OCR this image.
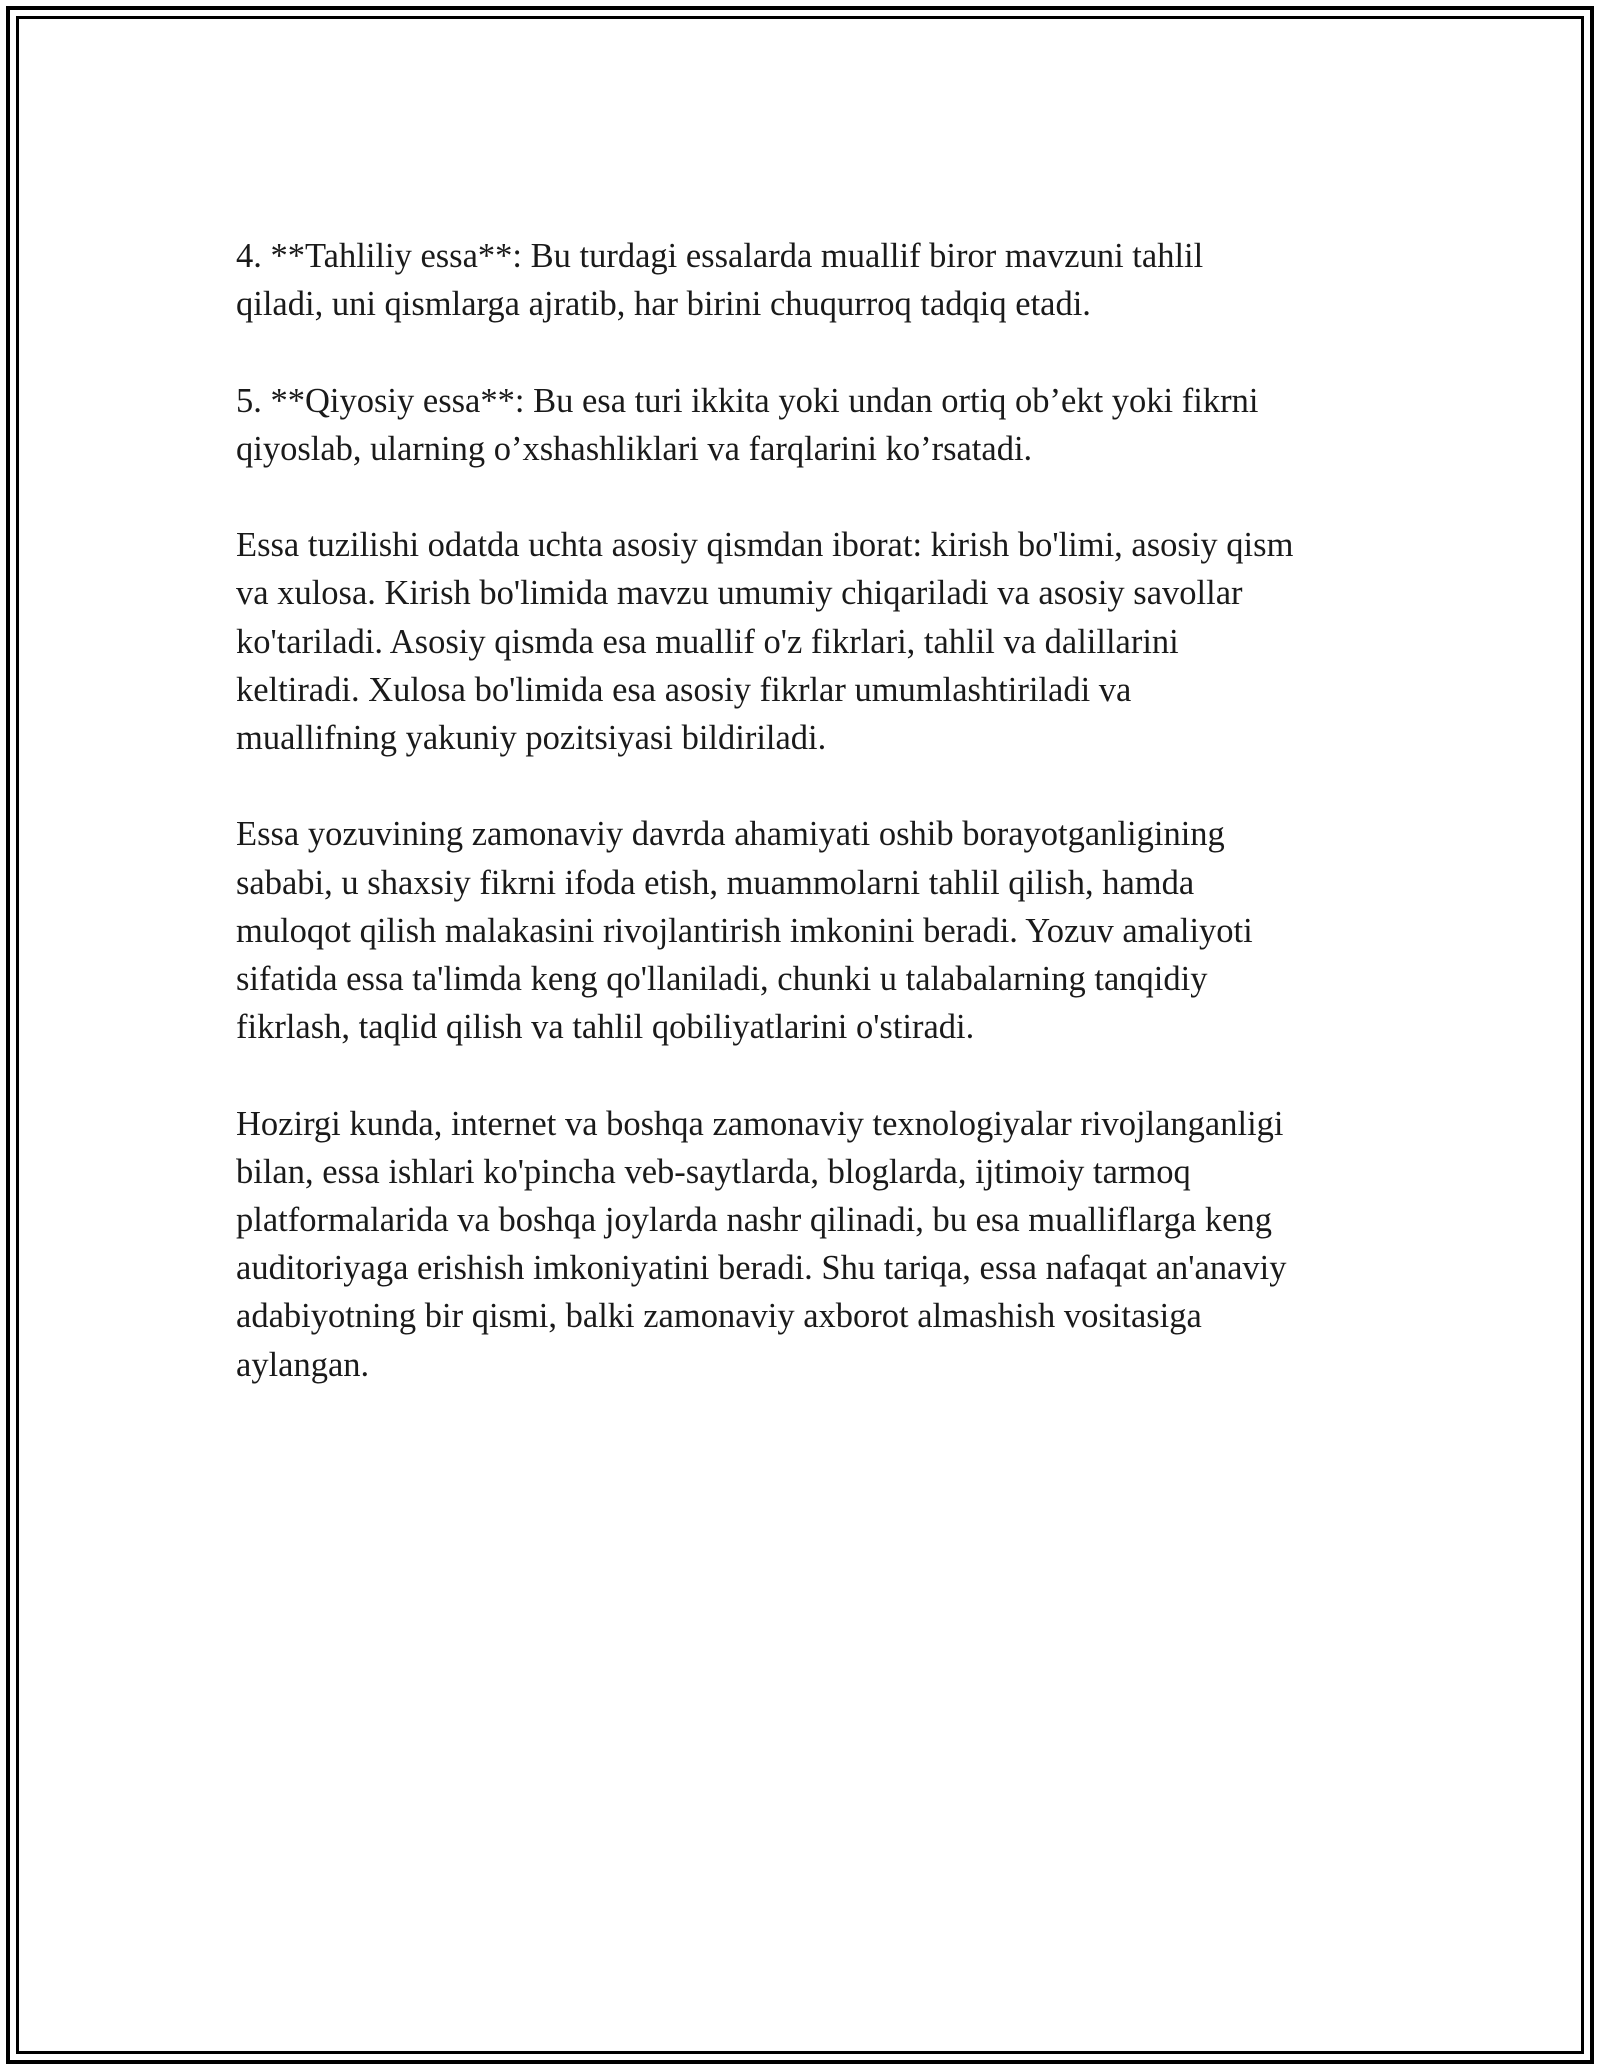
4. **Tahliliy essa**: Bu turdagi essalarda muallif biror mavzuni tahlil
qiladi, uni qismlarga ajratib, har birini chuqurroq tadqiq etadi.

5. **Qiyosiy essa**: Bu esa turi ikkita yoki undan ortiq ob’ekt yoki fikrni
qiyoslab, ularning o’xshashliklari va farqlarini ko’rsatadi.

Essa tuzilishi odatda uchta asosiy qismdan iborat: kirish bo'limi, asosiy qism
va xulosa. Kirish bo'limida mavzu umumiy chiqariladi va asosiy savollar
ko'tariladi. Asosiy qismda esa muallif o'z fikrlari, tahlil va dalillarini
keltiradi. Xulosa bo'limida esa asosiy fikrlar umumlashtiriladi va
muallifning yakuniy pozitsiyasi bildiriladi.

Essa yozuvining zamonaviy davrda ahamiyati oshib borayotganligining
sababi, u shaxsiy fikrni ifoda etish, muammolarni tahlil qilish, hamda
muloqot qilish malakasini rivojlantirish imkonini beradi. Yozuv amaliyoti
sifatida essa ta'limda keng qo'llaniladi, chunki u talabalarning tanqidiy
fikrlash, taqlid qilish va tahlil qobiliyatlarini o'stiradi.

Hozirgi kunda, internet va boshqa zamonaviy texnologiyalar rivojlanganligi
bilan, essa ishlari ko'pincha veb-saytlarda, bloglarda, ijtimoiy tarmoq
platformalarida va boshqa joylarda nashr qilinadi, bu esa mualliflarga keng
auditoriyaga erishish imkoniyatini beradi. Shu tariqa, essa nafaqat an'anaviy
adabiyotning bir qismi, balki zamonaviy axborot almashish vositasiga
aylangan.
